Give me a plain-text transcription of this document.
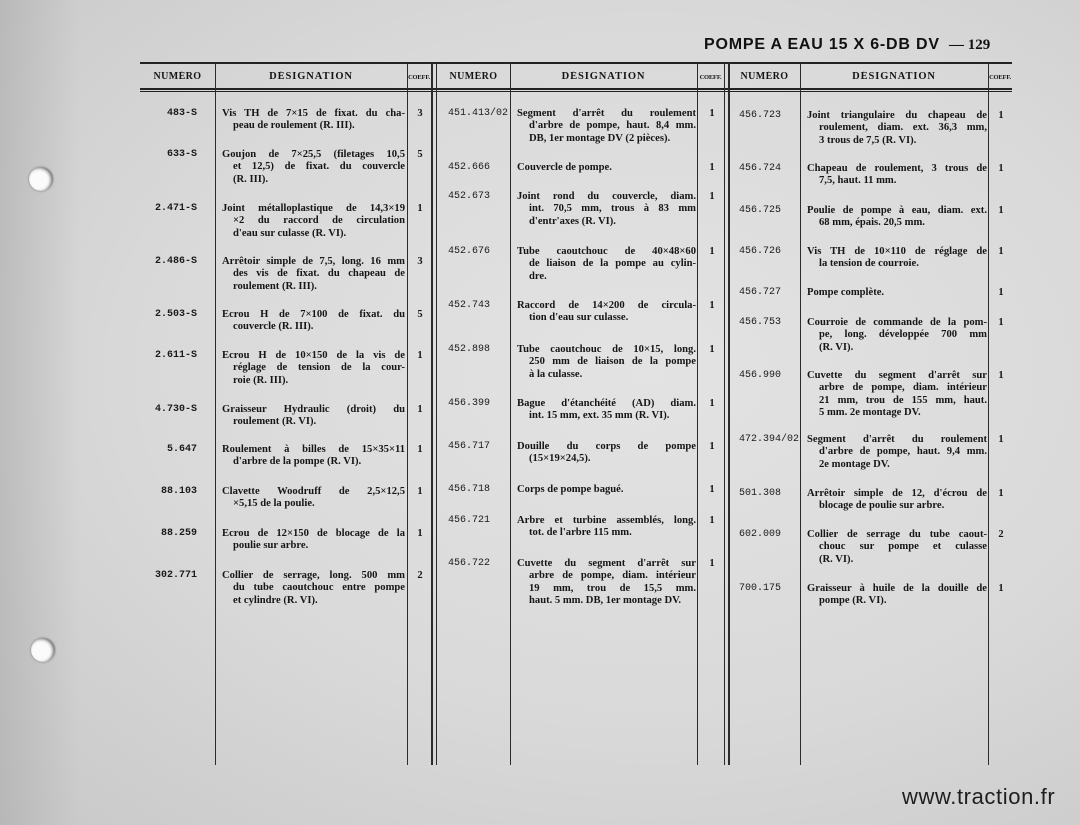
POMPE A EAU 15 X 6-DB DV — 129
NUMÉRO	DÉSIGNATION	COEFF.	NUMÉRO	DÉSIGNATION	COEFF.	NUMÉRO	DÉSIGNATION	COEFF.
483-S Vis TH de 7×15 de fixat. du cha-
peau de roulement (R. III).
3
633-S Goujon de 7×25,5 (filetages 10,5
et 12,5) de fixat. du couvercle
(R. III).
5
2.471-S Joint métalloplastique de 14,3×19
×2 du raccord de circulation
d'eau sur culasse (R. VI).
1
2.486-S Arrêtoir simple de 7,5, long. 16 mm
des vis de fixat. du chapeau de
roulement (R. III).
3
2.503-S Ecrou H de 7×100 de fixat. du
couvercle (R. III).
5
2.611-S Ecrou H de 10×150 de la vis de
réglage de tension de la cour-
roie (R. III).
1
4.730-S Graisseur Hydraulic (droit) du
roulement (R. VI).
1
5.647 Roulement à billes de 15×35×11
d'arbre de la pompe (R. VI).
1
88.103 Clavette Woodruff de 2,5×12,5
×5,15 de la poulie.
1
88.259 Ecrou de 12×150 de blocage de la
poulie sur arbre.
1
302.771 Collier de serrage, long. 500 mm
du tube caoutchouc entre pompe
et cylindre (R. VI).
2
451.413/02 Segment d'arrêt du roulement
d'arbre de pompe, haut. 8,4 mm.
DB, 1er montage DV (2 pièces).
1
452.666	Couvercle de pompe.	1
452.673	Joint rond du couvercle, diam.
int. 70,5 mm, trous à 83 mm
d'entr'axes (R. VI).
1
452.676	Tube caoutchouc de 40×48×60
de liaison de la pompe au cylin-
dre.
1
452.743	Raccord de 14×200 de circula-
tion d'eau sur culasse.
1
452.898	Tube caoutchouc de 10×15, long.
250 mm de liaison de la pompe
à la culasse.
1
456.399	Bague d'étanchéité (AD) diam.
int. 15 mm, ext. 35 mm (R. VI).
1
456.717	Douille du corps de pompe
(15×19×24,5).
1
456.718	Corps de pompe bagué.	1
456.721	Arbre et turbine assemblés, long.
tot. de l'arbre 115 mm.
1
456.722	Cuvette du segment d'arrêt sur
arbre de pompe, diam. intérieur
19 mm, trou de 15,5 mm.
haut. 5 mm. DB, 1er montage DV.
1
456.723	Joint triangulaire du chapeau de
roulement, diam. ext. 36,3 mm,
3 trous de 7,5 (R. VI).
1
456.724	Chapeau de roulement, 3 trous de
7,5, haut. 11 mm.
1
456.725	Poulie de pompe à eau, diam. ext.
68 mm, épais. 20,5 mm.
1
456.726	Vis TH de 10×110 de réglage de
la tension de courroie.
1
456.727	Pompe complète.	1
456.753	Courroie de commande de la pom-
pe, long. développée 700 mm
(R. VI).
1
456.990	Cuvette du segment d'arrêt sur
arbre de pompe, diam. intérieur
21 mm, trou de 155 mm, haut.
5 mm. 2e montage DV.
1
472.394/02 Segment d'arrêt du roulement
d'arbre de pompe, haut. 9,4 mm.
2e montage DV.
1
501.308	Arrêtoir simple de 12, d'écrou de
blocage de poulie sur arbre.
1
602.009	Collier de serrage du tube caout-
chouc sur pompe et culasse
(R. VI).
2
700.175	Graisseur à huile de la douille de
pompe (R. VI).
1
www.traction.fr
